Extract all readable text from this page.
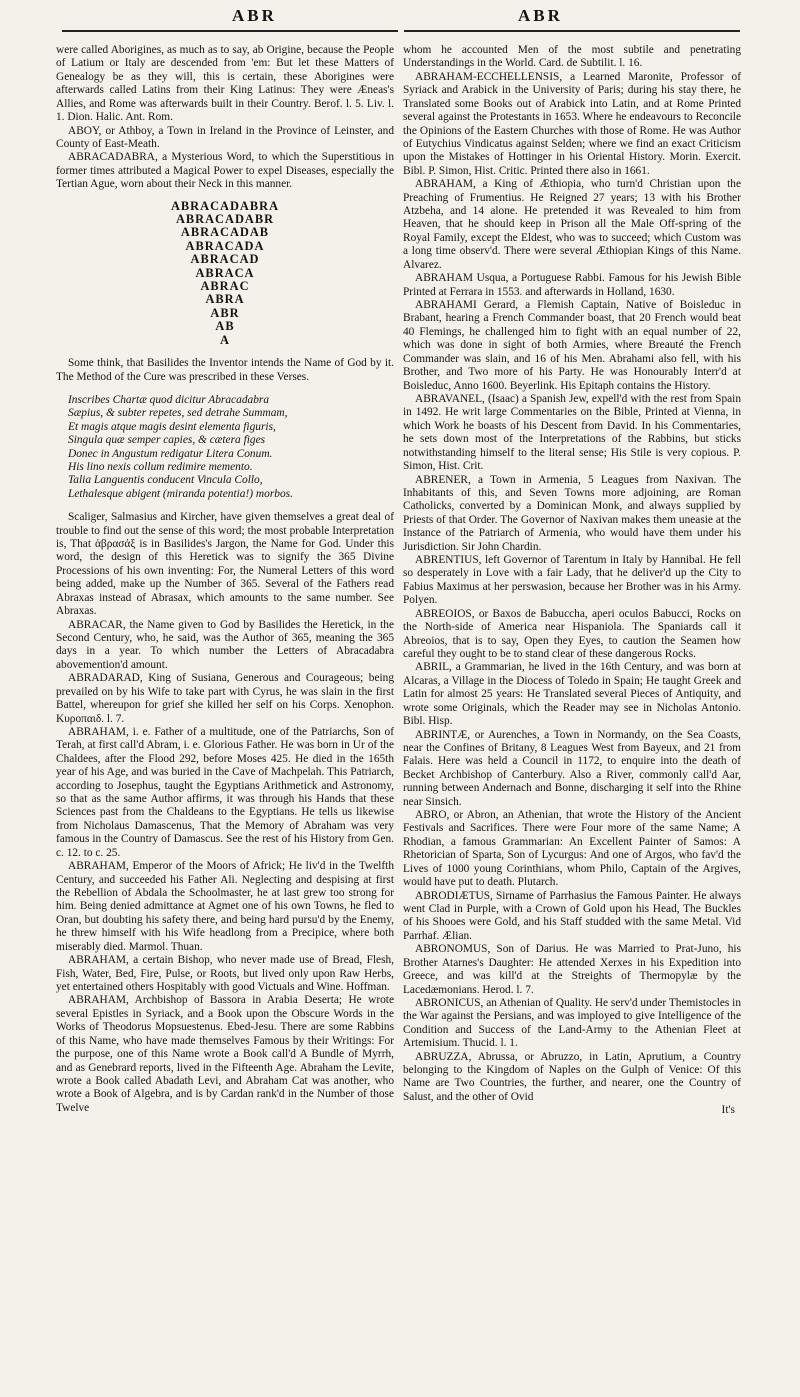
ABR	ABR

were called Aborigines, as much as to say, ab Origine, because the People of Latium or Italy are descended from 'em: But let these Matters of Genealogy be as they will, this is certain, these Aborigines were afterwards called Latins from their King Latinus: They were Æneas's Allies, and Rome was afterwards built in their Country. Berof. l. 5. Liv. l. 1. Dion. Halic. Ant. Rom.

ABOY, or Athboy, a Town in Ireland in the Province of Leinster, and County of East-Meath.

ABRACADABRA, a Mysterious Word, to which the Superstitious in former times attributed a Magical Power to expel Diseases, especially the Tertian Ague, worn about their Neck in this manner.

ABRACADABRA
ABRACADABR
ABRACADAB
ABRACADA
ABRACAD
ABRACA
ABRAC
ABRA
ABR
AB
A

Some think, that Basilides the Inventor intends the Name of God by it. The Method of the Cure was prescribed in these Verses.

Inscribes Chartæ quod dicitur Abracadabra
Sæpius, & subter repetes, sed detrahe Summam,
Et magis atque magis desint elementa figuris,
Singula quæ semper capies, & cætera figes
Donec in Angustum redigatur Litera Conum.
His lino nexis collum redimire memento.
Talia Languentis conducent Vincula Collo,
Lethalesque abigent (miranda potentia!) morbos.

Scaliger, Salmasius and Kircher, have given themselves a great deal of trouble to find out the sense of this word; the most probable Interpretation is, That ἁβρασάξ is in Basilides's Jargon, the Name for God. Under this word, the design of this Heretick was to signify the 365 Divine Processions of his own inventing: For, the Numeral Letters of this word being added, make up the Number of 365. Several of the Fathers read Abraxas instead of Abrasax, which amounts to the same number. See Abraxas.

ABRACAR, the Name given to God by Basilides the Heretick, in the Second Century, who, he said, was the Author of 365, meaning the 365 days in a year. To which number the Letters of Abracadabra abovemention'd amount.

ABRADARAD, King of Susiana, Generous and Courageous; being prevailed on by his Wife to take part with Cyrus, he was slain in the first Battel, whereupon for grief she killed her self on his Corps. Xenophon. Κυροπαιδ. l. 7.

ABRAHAM, i. e. Father of a multitude, one of the Patriarchs, Son of Terah, at first call'd Abram, i. e. Glorious Father. He was born in Ur of the Chaldees, after the Flood 292, before Moses 425. He died in the 165th year of his Age, and was buried in the Cave of Machpelah. This Patriarch, according to Josephus, taught the Egyptians Arithmetick and Astronomy, so that as the same Author affirms, it was through his Hands that these Sciences past from the Chaldeans to the Egyptians. He tells us likewise from Nicholaus Damascenus, That the Memory of Abraham was very famous in the Country of Damascus. See the rest of his History from Gen. c. 12. to c. 25.

ABRAHAM, Emperor of the Moors of Africk; He liv'd in the Twelfth Century, and succeeded his Father Ali. Neglecting and despising at first the Rebellion of Abdala the Schoolmaster, he at last grew too strong for him. Being denied admittance at Agmet one of his own Towns, he fled to Oran, but doubting his safety there, and being hard pursu'd by the Enemy, he threw himself with his Wife headlong from a Precipice, where both miserably died. Marmol. Thuan.

ABRAHAM, a certain Bishop, who never made use of Bread, Flesh, Fish, Water, Bed, Fire, Pulse, or Roots, but lived only upon Raw Herbs, yet entertained others Hospitably with good Victuals and Wine. Hoffman.

ABRAHAM, Archbishop of Bassora in Arabia Deserta; He wrote several Epistles in Syriack, and a Book upon the Obscure Words in the Works of Theodorus Mopsuestenus. Ebed-Jesu. There are some Rabbins of this Name, who have made themselves Famous by their Writings: For the purpose, one of this Name wrote a Book call'd A Bundle of Myrrh, and as Genebrard reports, lived in the Fifteenth Age. Abraham the Levite, wrote a Book called Abadath Levi, and Abraham Cat was another, who wrote a Book of Algebra, and is by Cardan rank'd in the Number of those Twelve

whom he accounted Men of the most subtile and penetrating Understandings in the World. Card. de Subtilit. l. 16.

ABRAHAM-ECCHELLENSIS, a Learned Maronite, Professor of Syriack and Arabick in the University of Paris; during his stay there, he Translated some Books out of Arabick into Latin, and at Rome Printed several against the Protestants in 1653. Where he endeavours to Reconcile the Opinions of the Eastern Churches with those of Rome. He was Author of Eutychius Vindicatus against Selden; where we find an exact Criticism upon the Mistakes of Hottinger in his Oriental History. Morin. Exercit. Bibl. P. Simon, Hist. Critic. Printed there also in 1661.

ABRAHAM, a King of Æthiopia, who turn'd Christian upon the Preaching of Frumentius. He Reigned 27 years; 13 with his Brother Atzbeha, and 14 alone. He pretended it was Revealed to him from Heaven, that he should keep in Prison all the Male Off-spring of the Royal Family, except the Eldest, who was to succeed; which Custom was a long time observ'd. There were several Æthiopian Kings of this Name. Alvarez.

ABRAHAM Usqua, a Portuguese Rabbi. Famous for his Jewish Bible Printed at Ferrara in 1553. and afterwards in Holland, 1630.

ABRAHAMI Gerard, a Flemish Captain, Native of Boisleduc in Brabant, hearing a French Commander boast, that 20 French would beat 40 Flemings, he challenged him to fight with an equal number of 22, which was done in sight of both Armies, where Breauté the French Commander was slain, and 16 of his Men. Abrahami also fell, with his Brother, and Two more of his Party. He was Honourably Interr'd at Boisleduc, Anno 1600. Beyerlink. His Epitaph contains the History.

ABRAVANEL, (Isaac) a Spanish Jew, expell'd with the rest from Spain in 1492. He writ large Commentaries on the Bible, Printed at Vienna, in which Work he boasts of his Descent from David. In his Commentaries, he sets down most of the Interpretations of the Rabbins, but sticks notwithstanding himself to the literal sense; His Stile is very copious. P. Simon, Hist. Crit.

ABRENER, a Town in Armenia, 5 Leagues from Naxivan. The Inhabitants of this, and Seven Towns more adjoining, are Roman Catholicks, converted by a Dominican Monk, and always supplied by Priests of that Order. The Governor of Naxivan makes them uneasie at the Instance of the Patriarch of Armenia, who would have them under his Jurisdiction. Sir John Chardin.

ABRENTIUS, left Governor of Tarentum in Italy by Hannibal. He fell so desperately in Love with a fair Lady, that he deliver'd up the City to Fabius Maximus at her perswasion, because her Brother was in his Army. Polyen.

ABREOIOS, or Baxos de Babuccha, aperi oculos Babucci, Rocks on the North-side of America near Hispaniola. The Spaniards call it Abreoios, that is to say, Open they Eyes, to caution the Seamen how careful they ought to be to stand clear of these dangerous Rocks.

ABRIL, a Grammarian, he lived in the 16th Century, and was born at Alcaras, a Village in the Diocess of Toledo in Spain; He taught Greek and Latin for almost 25 years: He Translated several Pieces of Antiquity, and wrote some Originals, which the Reader may see in Nicholas Antonio. Bibl. Hisp.

ABRINTÆ, or Aurenches, a Town in Normandy, on the Sea Coasts, near the Confines of Britany, 8 Leagues West from Bayeux, and 21 from Falais. Here was held a Council in 1172, to enquire into the death of Becket Archbishop of Canterbury. Also a River, commonly call'd Aar, running between Andernach and Bonne, discharging it self into the Rhine near Sinsich.

ABRO, or Abron, an Athenian, that wrote the History of the Ancient Festivals and Sacrifices. There were Four more of the same Name; A Rhodian, a famous Grammarian: An Excellent Painter of Samos: A Rhetorician of Sparta, Son of Lycurgus: And one of Argos, who fav'd the Lives of 1000 young Corinthians, whom Philo, Captain of the Argives, would have put to death. Plutarch.

ABRODIÆTUS, Sirname of Parrhasius the Famous Painter. He always went Clad in Purple, with a Crown of Gold upon his Head, The Buckles of his Shooes were Gold, and his Staff studded with the same Metal. Vid Parrhaf. Ælian.

ABRONOMUS, Son of Darius. He was Married to Prat-Juno, his Brother Atarnes's Daughter: He attended Xerxes in his Expedition into Greece, and was kill'd at the Streights of Thermopylæ by the Lacedæmonians. Herod. l. 7.

ABRONICUS, an Athenian of Quality. He serv'd under Themistocles in the War against the Persians, and was imployed to give Intelligence of the Condition and Success of the Land-Army to the Athenian Fleet at Artemisium. Thucid. l. 1.

ABRUZZA, Abrussa, or Abruzzo, in Latin, Aprutium, a Country belonging to the Kingdom of Naples on the Gulph of Venice: Of this Name are Two Countries, the further, and nearer, one the Country of Salust, and the other of Ovid

It's
